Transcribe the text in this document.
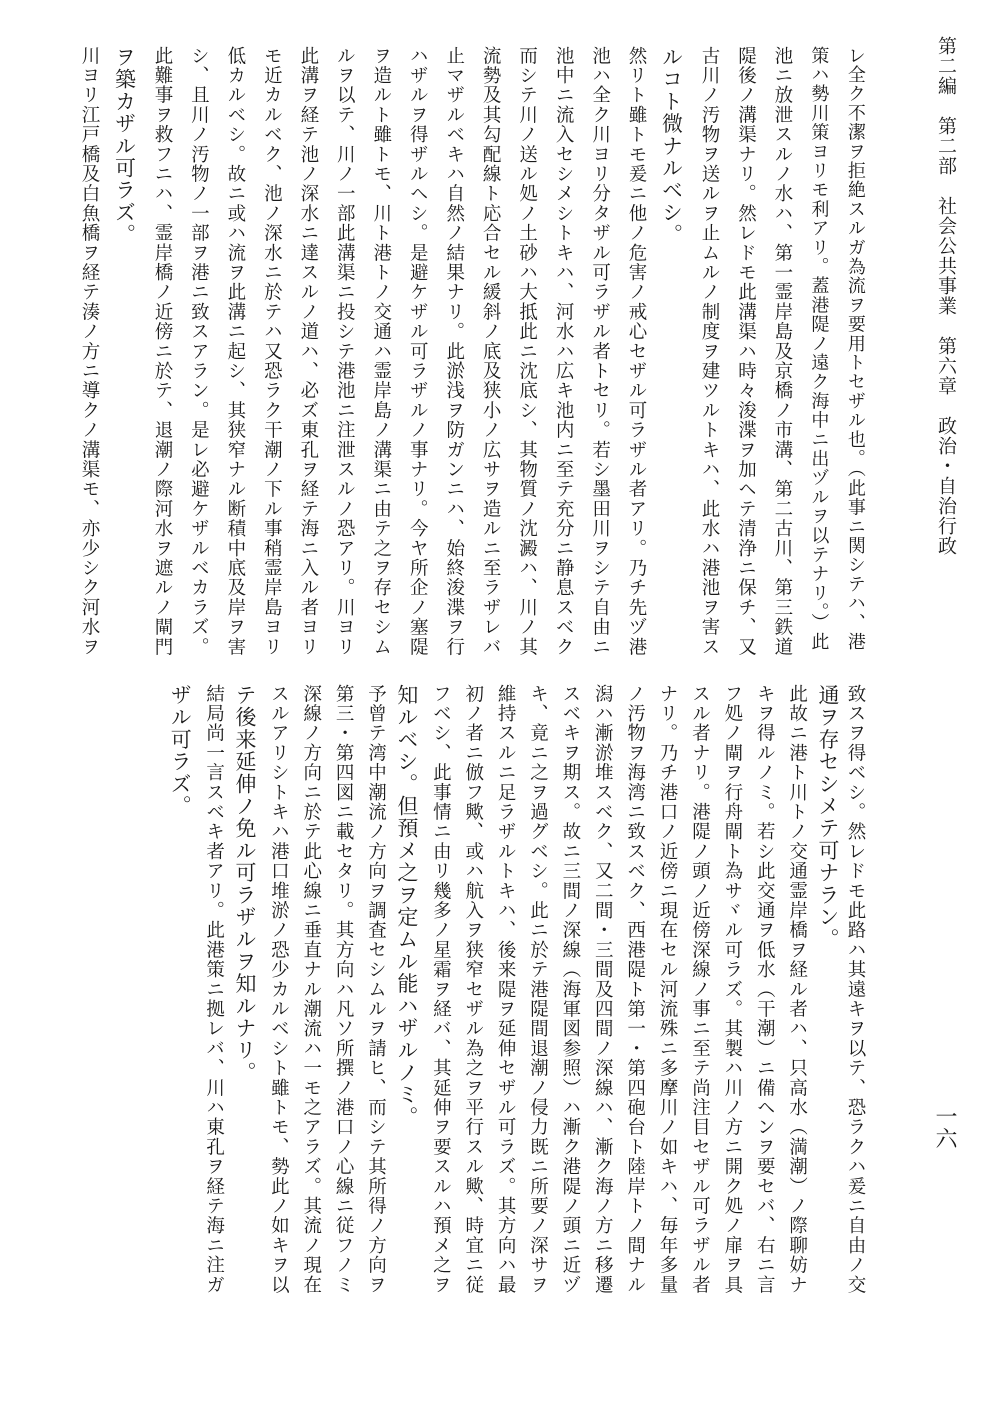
第二編　第二部　社会公共事業　第六章　政治・自治行政
一六
レ全ク不潔ヲ拒絶スルガ為流ヲ要用トセザル也。（此事ニ関シテハ、港
策ハ勢川策ヨリモ利アリ。蓋港隄ノ遠ク海中ニ出ヅルヲ以テナリ。）此
池ニ放泄スルノ水ハ、第一霊岸島及京橋ノ市溝、第二古川、第三鉄道
隄後ノ溝渠ナリ。然レドモ此溝渠ハ時々浚渫ヲ加ヘテ清浄ニ保チ、又
古川ノ汚物ヲ送ルヲ止ムルノ制度ヲ建ツルトキハ、此水ハ港池ヲ害ス
ルコト微ナルベシ。
然リト雖トモ爰ニ他ノ危害ノ戒心セザル可ラザル者アリ。乃チ先ヅ港
池ハ全ク川ヨリ分タザル可ラザル者トセリ。若シ墨田川ヲシテ自由ニ
池中ニ流入セシメシトキハ、河水ハ広キ池内ニ至テ充分ニ静息スベク
而シテ川ノ送ル処ノ土砂ハ大抵此ニ沈底シ、其物質ノ沈澱ハ、川ノ其
流勢及其勾配線ト応合セル緩斜ノ底及狭小ノ広サヲ造ルニ至ラザレバ
止マザルベキハ自然ノ結果ナリ。此淤浅ヲ防ガンニハ、始終浚渫ヲ行
ハザルヲ得ザルヘシ。是避ケザル可ラザルノ事ナリ。今ヤ所企ノ塞隄
ヲ造ルト雖トモ、川ト港トノ交通ハ霊岸島ノ溝渠ニ由テ之ヲ存セシム
ルヲ以テ、川ノ一部此溝渠ニ投シテ港池ニ注泄スルノ恐アリ。川ヨリ
此溝ヲ経テ池ノ深水ニ達スルノ道ハ、必ズ東孔ヲ経テ海ニ入ル者ヨリ
モ近カルベク、池ノ深水ニ於テハ又恐ラク干潮ノ下ル事稍霊岸島ヨリ
低カルベシ。故ニ或ハ流ヲ此溝ニ起シ、其狭窄ナル断積中底及岸ヲ害
シ、且川ノ汚物ノ一部ヲ港ニ致スアラン。是レ必避ケザルベカラズ。
此難事ヲ救フニハ、霊岸橋ノ近傍ニ於テ、退潮ノ際河水ヲ遮ルノ閘門
ヲ築カザル可ラズ。
川ヨリ江戸橋及白魚橋ヲ経テ湊ノ方ニ導クノ溝渠モ、亦少シク河水ヲ
致スヲ得ベシ。然レドモ此路ハ其遠キヲ以テ、恐ラクハ爰ニ自由ノ交
通ヲ存セシメテ可ナラン。
此故ニ港ト川トノ交通霊岸橋ヲ経ル者ハ、只高水（満潮）ノ際聊妨ナ
キヲ得ルノミ。若シ此交通ヲ低水（干潮）ニ備ヘンヲ要セバ、右ニ言
フ処ノ閘ヲ行舟閘ト為サヾル可ラズ。其製ハ川ノ方ニ開ク処ノ扉ヲ具
スル者ナリ。港隄ノ頭ノ近傍深線ノ事ニ至テ尚注目セザル可ラザル者
ナリ。乃チ港口ノ近傍ニ現在セル河流殊ニ多摩川ノ如キハ、毎年多量
ノ汚物ヲ海湾ニ致スベク、西港隄ト第一・第四砲台ト陸岸トノ間ナル
潟ハ漸淤堆スベク、又二間・三間及四間ノ深線ハ、漸ク海ノ方ニ移遷
スベキヲ期ス。故ニ三間ノ深線（海軍図参照）ハ漸ク港隄ノ頭ニ近ヅ
キ、竟ニ之ヲ過グベシ。此ニ於テ港隄間退潮ノ侵力既ニ所要ノ深サヲ
維持スルニ足ラザルトキハ、後来隄ヲ延伸セザル可ラズ。其方向ハ最
初ノ者ニ倣フ歟、或ハ航入ヲ狭窄セザル為之ヲ平行スル歟、時宜ニ従
フベシ、此事情ニ由リ幾多ノ星霜ヲ経バ、其延伸ヲ要スルハ預メ之ヲ
知ルベシ。但預メ之ヲ定ムル能ハザルノミ。
予曾テ湾中潮流ノ方向ヲ調査セシムルヲ請ヒ、而シテ其所得ノ方向ヲ
第三・第四図ニ載セタリ。其方向ハ凡ソ所撰ノ港口ノ心線ニ従フノミ
深線ノ方向ニ於テ此心線ニ垂直ナル潮流ハ一モ之アラズ。其流ノ現在
スルアリシトキハ港口堆淤ノ恐少カルベシト雖トモ、勢此ノ如キヲ以
テ後来延伸ノ免ル可ラザルヲ知ルナリ。
結局尚一言スベキ者アリ。此港策ニ拠レバ、川ハ東孔ヲ経テ海ニ注ガ
ザル可ラズ。
